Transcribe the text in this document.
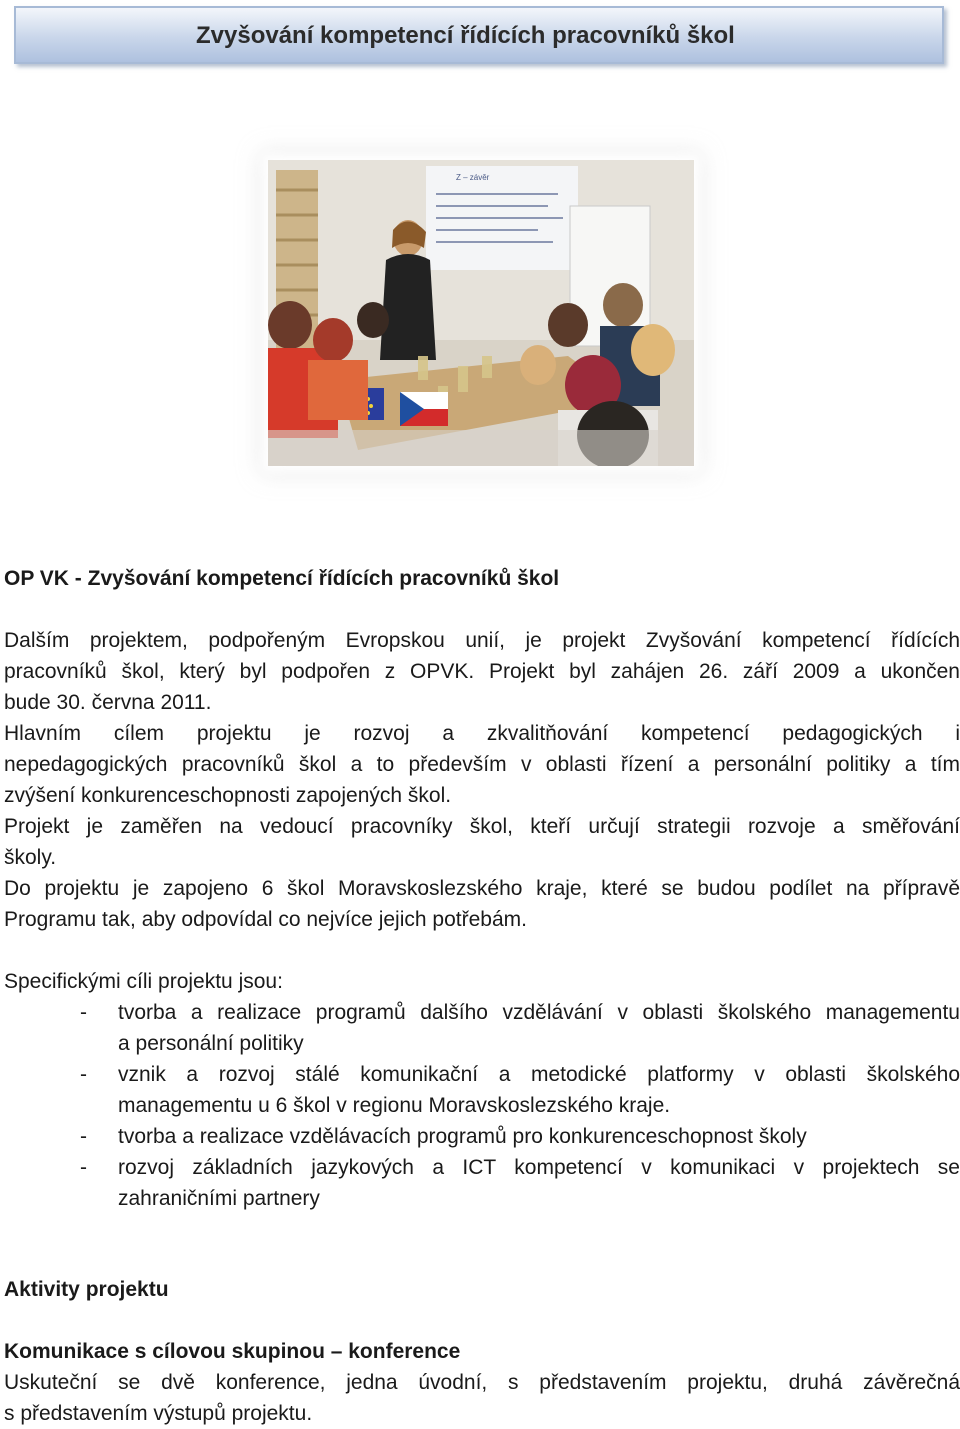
Zvyšování kompetencí řídících pracovníků škol
Z – závěr
OP VK - Zvyšování kompetencí řídících pracovníků škol
Dalším projektem, podpořeným Evropskou unií, je projekt Zvyšování kompetencí řídících
pracovníků škol, který byl podpořen z OPVK. Projekt byl zahájen 26. září 2009 a ukončen
bude 30. června 2011.
Hlavním cílem projektu je rozvoj a zkvalitňování kompetencí pedagogických i
nepedagogických pracovníků škol a to především v oblasti řízení a personální politiky a tím
zvýšení konkurenceschopnosti zapojených škol.
Projekt je zaměřen na vedoucí pracovníky škol, kteří určují strategii rozvoje a směřování
školy.
Do projektu je zapojeno 6 škol Moravskoslezského kraje, které se budou podílet na přípravě
Programu tak, aby odpovídal co nejvíce jejich potřebám.
Specifickými cíli projektu jsou:
- tvorba a realizace programů dalšího vzdělávání v oblasti školského managementu
a personální politiky
- vznik a rozvoj stálé komunikační a metodické platformy v oblasti školského
managementu u 6 škol v regionu Moravskoslezského kraje.
- tvorba a realizace vzdělávacích programů pro konkurenceschopnost školy
- rozvoj základních jazykových a ICT kompetencí v komunikaci v projektech se
zahraničními partnery
Aktivity projektu
Komunikace s cílovou skupinou – konference
Uskuteční se dvě konference, jedna úvodní, s představením projektu, druhá závěrečná
s představením výstupů projektu.
